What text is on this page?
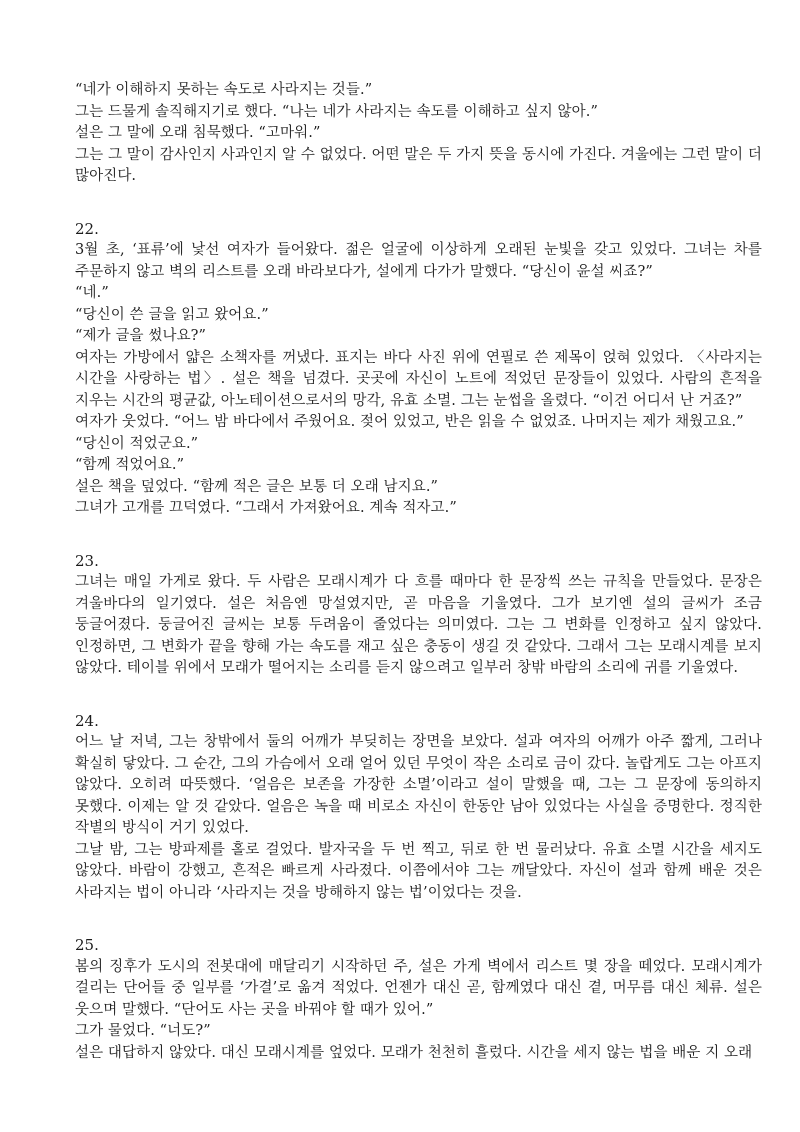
“네가 이해하지 못하는 속도로 사라지는 것들.”

그는 드물게 솔직해지기로 했다. “나는 네가 사라지는 속도를 이해하고 싶지 않아.”

설은 그 말에 오래 침묵했다. “고마워.”

그는 그 말이 감사인지 사과인지 알 수 없었다. 어떤 말은 두 가지 뜻을 동시에 가진다. 겨울에는 그런 말이 더 많아진다.

22.

3월 초, ‘표류’에 낯선 여자가 들어왔다. 젊은 얼굴에 이상하게 오래된 눈빛을 갖고 있었다. 그녀는 차를 주문하지 않고 벽의 리스트를 오래 바라보다가, 설에게 다가가 말했다. “당신이 윤설 씨죠?”

“네.”

“당신이 쓴 글을 읽고 왔어요.”

“제가 글을 썼나요?”

여자는 가방에서 얇은 소책자를 꺼냈다. 표지는 바다 사진 위에 연필로 쓴 제목이 얹혀 있었다. 〈사라지는 시간을 사랑하는 법〉. 설은 책을 넘겼다. 곳곳에 자신이 노트에 적었던 문장들이 있었다. 사람의 흔적을 지우는 시간의 평균값, 아노테이션으로서의 망각, 유효 소멸. 그는 눈썹을 올렸다. “이건 어디서 난 거죠?”

여자가 웃었다. “어느 밤 바다에서 주웠어요. 젖어 있었고, 반은 읽을 수 없었죠. 나머지는 제가 채웠고요.”

“당신이 적었군요.”

“함께 적었어요.”

설은 책을 덮었다. “함께 적은 글은 보통 더 오래 남지요.”

그녀가 고개를 끄덕였다. “그래서 가져왔어요. 계속 적자고.”

23.

그녀는 매일 가게로 왔다. 두 사람은 모래시계가 다 흐를 때마다 한 문장씩 쓰는 규칙을 만들었다. 문장은 겨울바다의 일기였다. 설은 처음엔 망설였지만, 곧 마음을 기울였다. 그가 보기엔 설의 글씨가 조금 둥글어졌다. 둥글어진 글씨는 보통 두려움이 줄었다는 의미였다. 그는 그 변화를 인정하고 싶지 않았다. 인정하면, 그 변화가 끝을 향해 가는 속도를 재고 싶은 충동이 생길 것 같았다. 그래서 그는 모래시계를 보지 않았다. 테이블 위에서 모래가 떨어지는 소리를 듣지 않으려고 일부러 창밖 바람의 소리에 귀를 기울였다.

24.

어느 날 저녁, 그는 창밖에서 둘의 어깨가 부딪히는 장면을 보았다. 설과 여자의 어깨가 아주 짧게, 그러나 확실히 닿았다. 그 순간, 그의 가슴에서 오래 얼어 있던 무엇이 작은 소리로 금이 갔다. 놀랍게도 그는 아프지 않았다. 오히려 따뜻했다. ‘얼음은 보존을 가장한 소멸’이라고 설이 말했을 때, 그는 그 문장에 동의하지 못했다. 이제는 알 것 같았다. 얼음은 녹을 때 비로소 자신이 한동안 남아 있었다는 사실을 증명한다. 정직한 작별의 방식이 거기 있었다.

그날 밤, 그는 방파제를 홀로 걸었다. 발자국을 두 번 찍고, 뒤로 한 번 물러났다. 유효 소멸 시간을 세지도 않았다. 바람이 강했고, 흔적은 빠르게 사라졌다. 이쯤에서야 그는 깨달았다. 자신이 설과 함께 배운 것은 사라지는 법이 아니라 ‘사라지는 것을 방해하지 않는 법’이었다는 것을.

25.

봄의 징후가 도시의 전봇대에 매달리기 시작하던 주, 설은 가게 벽에서 리스트 몇 장을 떼었다. 모래시계가 걸리는 단어들 중 일부를 ‘가결’로 옮겨 적었다. 언젠가 대신 곧, 함께였다 대신 곁, 머무름 대신 체류. 설은 웃으며 말했다. “단어도 사는 곳을 바꿔야 할 때가 있어.”

그가 물었다. “너도?”

설은 대답하지 않았다. 대신 모래시계를 엎었다. 모래가 천천히 흘렀다. 시간을 세지 않는 법을 배운 지 오래
